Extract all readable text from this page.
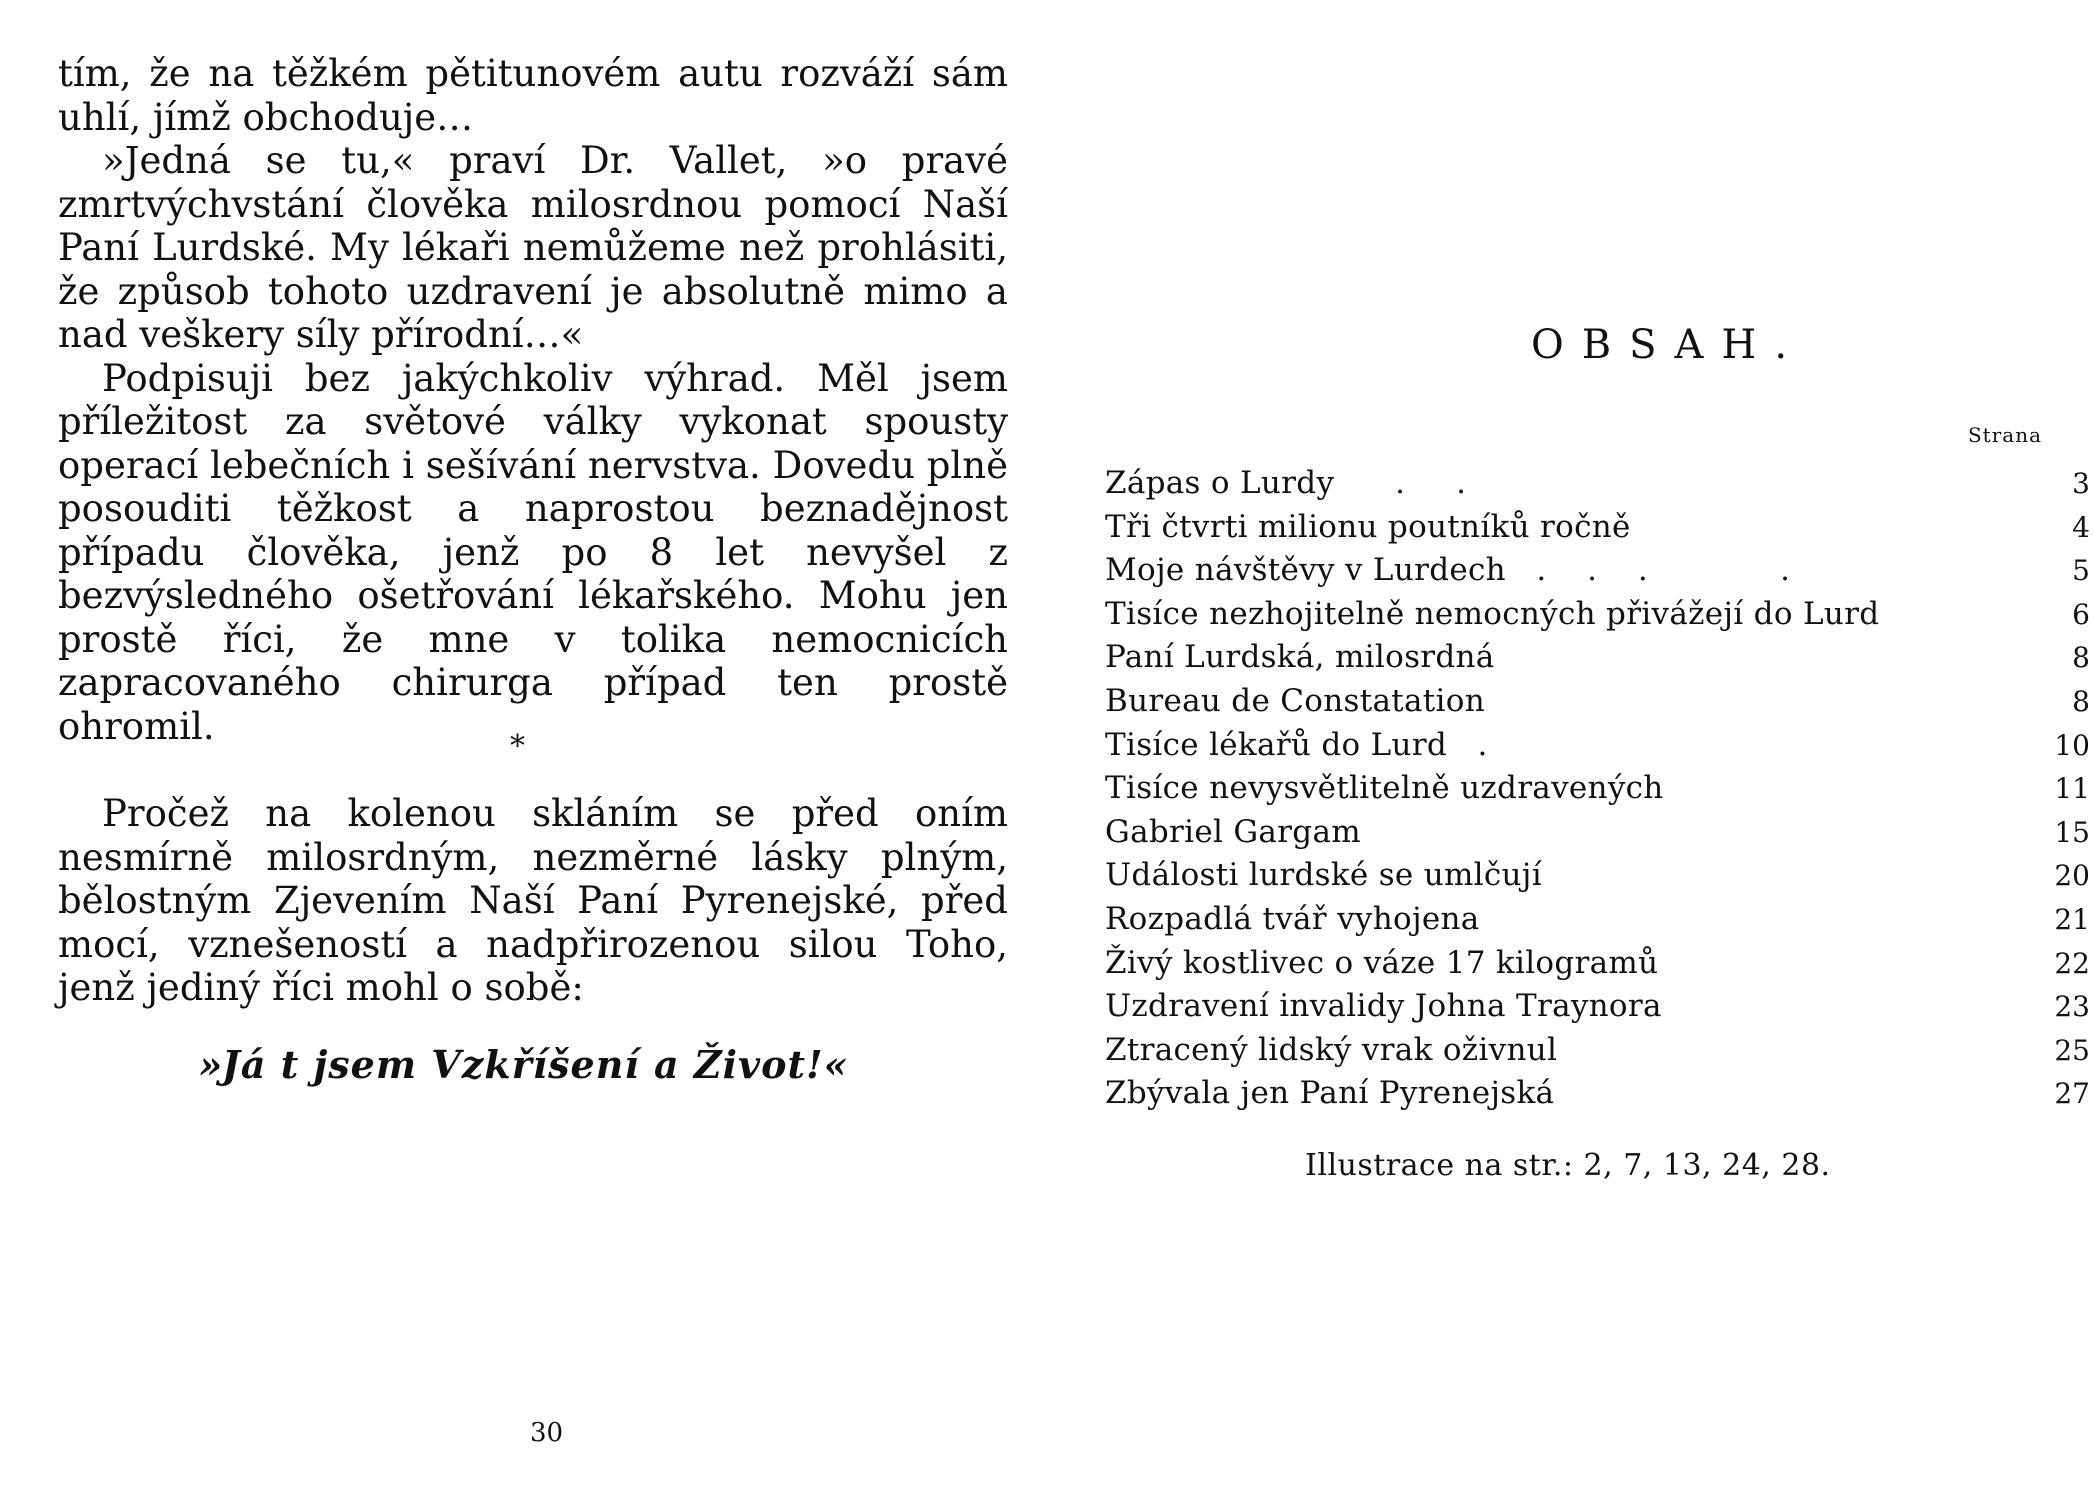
tím, že na těžkém pětitunovém autu rozváží sám uhlí, jímž obchoduje…

»Jedná se tu,« praví Dr. Vallet, »o pravé zmrtvýchvstání člověka milosrdnou pomocí Naší Paní Lurdské. My lékaři nemůžeme než prohlásiti, že způsob tohoto uzdravení je absolutně mimo a nad veškery síly přírodní…«

Podpisuji bez jakýchkoliv výhrad. Měl jsem příležitost za světové války vykonat spousty operací lebečních i sešívání nervstva. Dovedu plně posouditi těžkost a naprostou beznadějnost případu člověka, jenž po 8 let nevyšel z bezvýsledného ošetřování lékařského. Mohu jen prostě říci, že mne v tolika nemocnicích zapracovaného chirurga případ ten prostě ohromil.	*

Pročež na kolenou skláním se před oním nesmírně milosrdným, nezměrné lásky plným, bělostným Zjevením Naší Paní Pyrenejské, před mocí, vznešeností a nadpřirozenou silou Toho, jenž jediný říci mohl o sobě:

»Já t jsem Vzkříšení a Život!«
30
OBSAH.
Strana
Zápas o Lurdy      .     .	3
Tři čtvrti milionu poutníků ročně	4
Moje návštěvy v Lurdech   .    .    .             .	5
Tisíce nezhojitelně nemocných přivážejí do Lurd	6
Paní Lurdská, milosrdná	8
Bureau de Constatation	8
Tisíce lékařů do Lurd   .	10
Tisíce nevysvětlitelně uzdravených	11
Gabriel Gargam	15
Události lurdské se umlčují	20
Rozpadlá tvář vyhojena	21
Živý kostlivec o váze 17 kilogramů	22
Uzdravení invalidy Johna Traynora	23
Ztracený lidský vrak oživnul	25
Zbývala jen Paní Pyrenejská	27
Illustrace na str.: 2, 7, 13, 24, 28.
